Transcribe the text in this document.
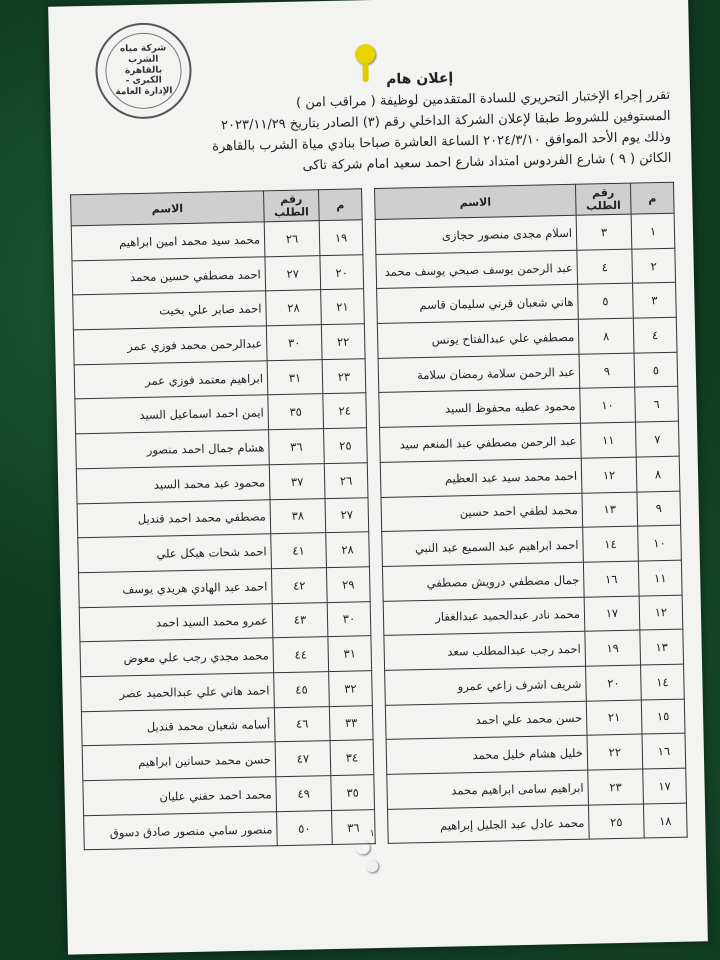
شركة مياه الشرب بالقاهرة الكبرى - الإدارة العامة
إعلان هام
تقرر إجراء الإختبار التحريري للسادة المتقدمين لوظيفة ( مراقب امن )
المستوفين للشروط طبقا لإعلان الشركة الداخلي رقم (٣) الصادر بتاريخ ٢٠٢٣/١١/٢٩
وذلك يوم الأحد الموافق ٢٠٢٤/٣/١٠ الساعة العاشرة صباحا بنادي مياة الشرب بالقاهرة
الكائن ( ٩ ) شارع الفردوس امتداد شارع احمد سعيد امام شركة تاكى
م	رقم الطلب	الاسم
١	٣	اسلام مجدى منصور حجازى
٢	٤	عبد الرحمن يوسف صبحي يوسف محمد
٣	٥	هاني شعبان قرني سليمان قاسم
٤	٨	مصطفي علي عبدالفتاح يونس
٥	٩	عبد الرحمن سلامة رمضان سلامة
٦	١٠	محمود عطيه محفوظ السيد
٧	١١	عبد الرحمن مصطفي عبد المنعم سيد
٨	١٢	احمد محمد سيد عبد العظيم
٩	١٣	محمد لطفي احمد حسين
١٠	١٤	احمد ابراهيم عبد السميع عبد النبي
١١	١٦	جمال مصطفي درويش مصطفي
١٢	١٧	محمد نادر عبدالحميد عبدالغفار
١٣	١٩	احمد رجب عبدالمطلب سعد
١٤	٢٠	شريف اشرف زاعي عمرو
١٥	٢١	حسن محمد علي احمد
١٦	٢٢	خليل هشام خليل محمد
١٧	٢٣	ابراهيم سامى ابراهيم محمد
١٨	٢٥	محمد عادل عبد الجليل إبراهيم
م	رقم الطلب	الاسم
١٩	٢٦	محمد سيد محمد امين ابراهيم
٢٠	٢٧	احمد مصطفي حسين محمد
٢١	٢٨	احمد صابر علي بخيت
٢٢	٣٠	عبدالرحمن محمد فوزي عمر
٢٣	٣١	ابراهيم معتمد فوزي عمر
٢٤	٣٥	ايمن احمد اسماعيل السيد
٢٥	٣٦	هشام جمال احمد منصور
٢٦	٣٧	محمود عبد محمد السيد
٢٧	٣٨	مصطفي محمد احمد قنديل
٢٨	٤١	احمد شحات هيكل علي
٢٩	٤٢	احمد عبد الهادي هريدي يوسف
٣٠	٤٣	عمرو محمد السيد احمد
٣١	٤٤	محمد مجدي رجب علي معوض
٣٢	٤٥	احمد هاني علي عبدالحميد عصر
٣٣	٤٦	أسامه شعبان محمد قنديل
٣٤	٤٧	حسن محمد حسانين ابراهيم
٣٥	٤٩	محمد احمد حفني عليان
٣٦	٥٠	منصور سامي منصور صادق دسوق	١
